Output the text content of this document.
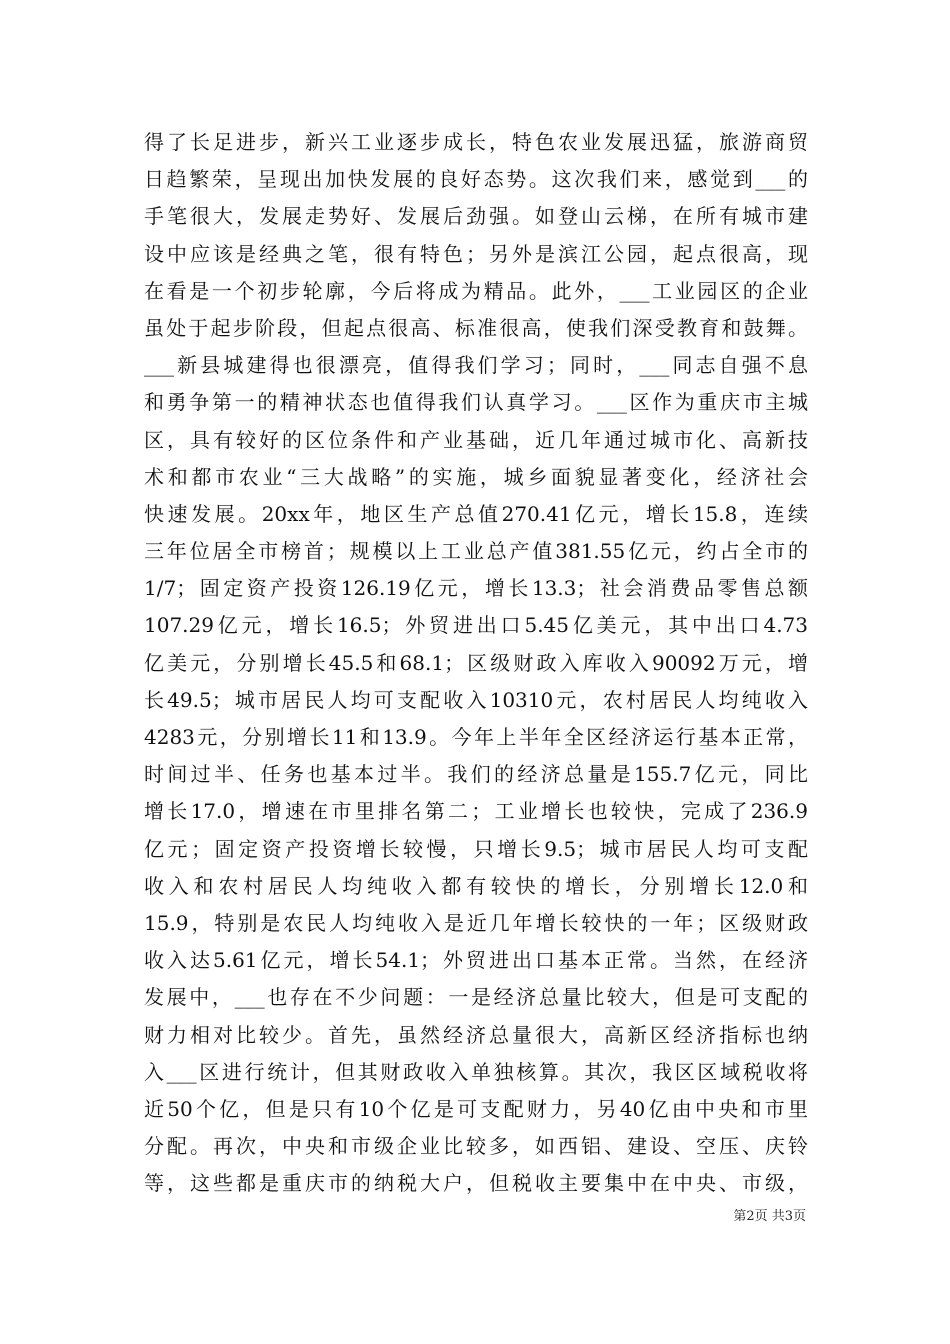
得了长足进步，新兴工业逐步成长，特色农业发展迅猛，旅游商贸
日趋繁荣，呈现出加快发展的良好态势。这次我们来，感觉到___的
手笔很大，发展走势好、发展后劲强。如登山云梯，在所有城市建
设中应该是经典之笔，很有特色；另外是滨江公园，起点很高，现
在看是一个初步轮廓，今后将成为精品。此外，___工业园区的企业
虽处于起步阶段，但起点很高、标准很高，使我们深受教育和鼓舞。
___新县城建得也很漂亮，值得我们学习；同时，___同志自强不息
和勇争第一的精神状态也值得我们认真学习。___区作为重庆市主城
区，具有较好的区位条件和产业基础，近几年通过城市化、高新技
术和都市农业“三大战略”的实施，城乡面貌显著变化，经济社会
快速发展。20xx年，地区生产总值270.41亿元，增长15.8，连续
三年位居全市榜首；规模以上工业总产值381.55亿元，约占全市的
1/7；固定资产投资126.19亿元，增长13.3；社会消费品零售总额
107.29亿元，增长16.5；外贸进出口5.45亿美元，其中出口4.73
亿美元，分别增长45.5和68.1；区级财政入库收入90092万元，增
长49.5；城市居民人均可支配收入10310元，农村居民人均纯收入
4283元，分别增长11和13.9。今年上半年全区经济运行基本正常，
时间过半、任务也基本过半。我们的经济总量是155.7亿元，同比
增长17.0，增速在市里排名第二；工业增长也较快，完成了236.9
亿元；固定资产投资增长较慢，只增长9.5；城市居民人均可支配
收入和农村居民人均纯收入都有较快的增长，分别增长12.0和
15.9，特别是农民人均纯收入是近几年增长较快的一年；区级财政
收入达5.61亿元，增长54.1；外贸进出口基本正常。当然，在经济
发展中，___也存在不少问题：一是经济总量比较大，但是可支配的
财力相对比较少。首先，虽然经济总量很大，高新区经济指标也纳
入___区进行统计，但其财政收入单独核算。其次，我区区域税收将
近50个亿，但是只有10个亿是可支配财力，另40亿由中央和市里
分配。再次，中央和市级企业比较多，如西铝、建设、空压、庆铃
等，这些都是重庆市的纳税大户，但税收主要集中在中央、市级，
第2页 共3页
